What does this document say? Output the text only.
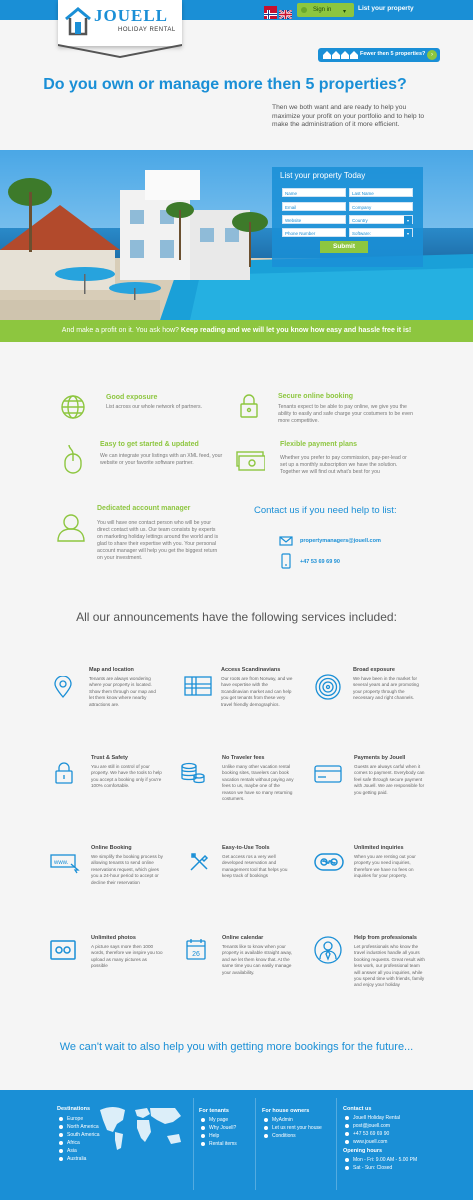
Sign in ▾ List your property
JOUELL
HOLIDAY RENTAL
Fewer then 5 properties? ›
Do you own or manage more then 5 properties?
Then we both want and are ready to help you maximize your profit on your portfolio and to help to make the administration of it more efficient.
List your property Today
Name	Last Name
Email	Company
Website	Country	▾
Phone Number	Software:	▾
Submit
And make a profit on it. You ask how? Keep reading and we will let you know how easy and hassle free it is!
Good exposure
List across our whole network of partners.
Secure online booking
Tenants expect to be able to pay online, we give you the ability to easily and safe charge your costumers to be even more competitive.
Easy to get started & updated
We can integrate your listings with an XML feed, your website or your favorite software partner.
Flexible payment plans
Whether you prefer to pay commission, pay-per-lead or set up a monthly subscription we have the solution. Together we will find out what's best for you
Dedicated account manager
You will have one contact person who will be your direct contact with us. Our team consists by experts on marketing holiday lettings around the world and is glad to share their expertise with you. Your personal account manager will help you get the biggest return on your investment.
Contact us if you need help to list:
propertymanagers@jouell.com
+47 53 69 69 90
All our announcements have the following services included:
Map and location
Tenants are always wondering where your property is located. Show them through our map and let them know where nearby attractions are.
Access Scandinavians
Our roots are from Norway, and we have expertise with the Scandinavian market and can help you get tenants from these very travel friendly demographics.
Broad exposure
We have been in the market for several years and are promoting your property through the necessary and right channels.
Trust & Safety
You are still in control of your property. We have the tools to help you accept a booking only if you're 100% comfortable.
No Traveler fees
Unlike many other vacation rental booking sites, travelers can book vacation rentals without paying any fees to us, maybe one of the reason we have so many returning costumers.
Payments by Jouell
Guests are always carful when it comes to payment. Everybody can feel safe through secure payment with Jouell. We are responsible for you getting paid.
www.
Online Booking
We simplify the booking process by allowing tenants to send online reservations request, which gives you a 24-hour period to accept or decline their reservation
Easy-to-Use Tools
Get access ros a very well developed reservation and management tool that helps you keep track of bookings
Unlimited inquiries
When you are renting out your property you need inquiries, therefore we have no fees on inquiries for your property.
Unlimited photos
A picture says more then 1000 words, therefore we inspire you too upload as many pictures as possible
26
Online calendar
Tenants like to know when your property is available straight away, and we let them know that. At the same time you can easily manage your availability.
Help from professionals
Let professionals who know the travel industries handle all yours booking requests. Great result with less work, our professional team will answer all you inquiries, while you spend time with friends, family and enjoy your holiday
We can't wait to also help you with getting more bookings for the future...
Destinations
Europe
North America
South America
Africa
Asia
Australia
For tenants
My page
Why Jouell?
Help
Rental items
For house owners
MyAdmin
Let us rent your house
Conditions
Contact us
Jouell Holiday Rental
post@jouell.com
+47 53 69 69 90
www.jouell.com
Opening hours
Mon - Fri: 9.00 AM - 5.00 PM
Sat - Sun: Closed
